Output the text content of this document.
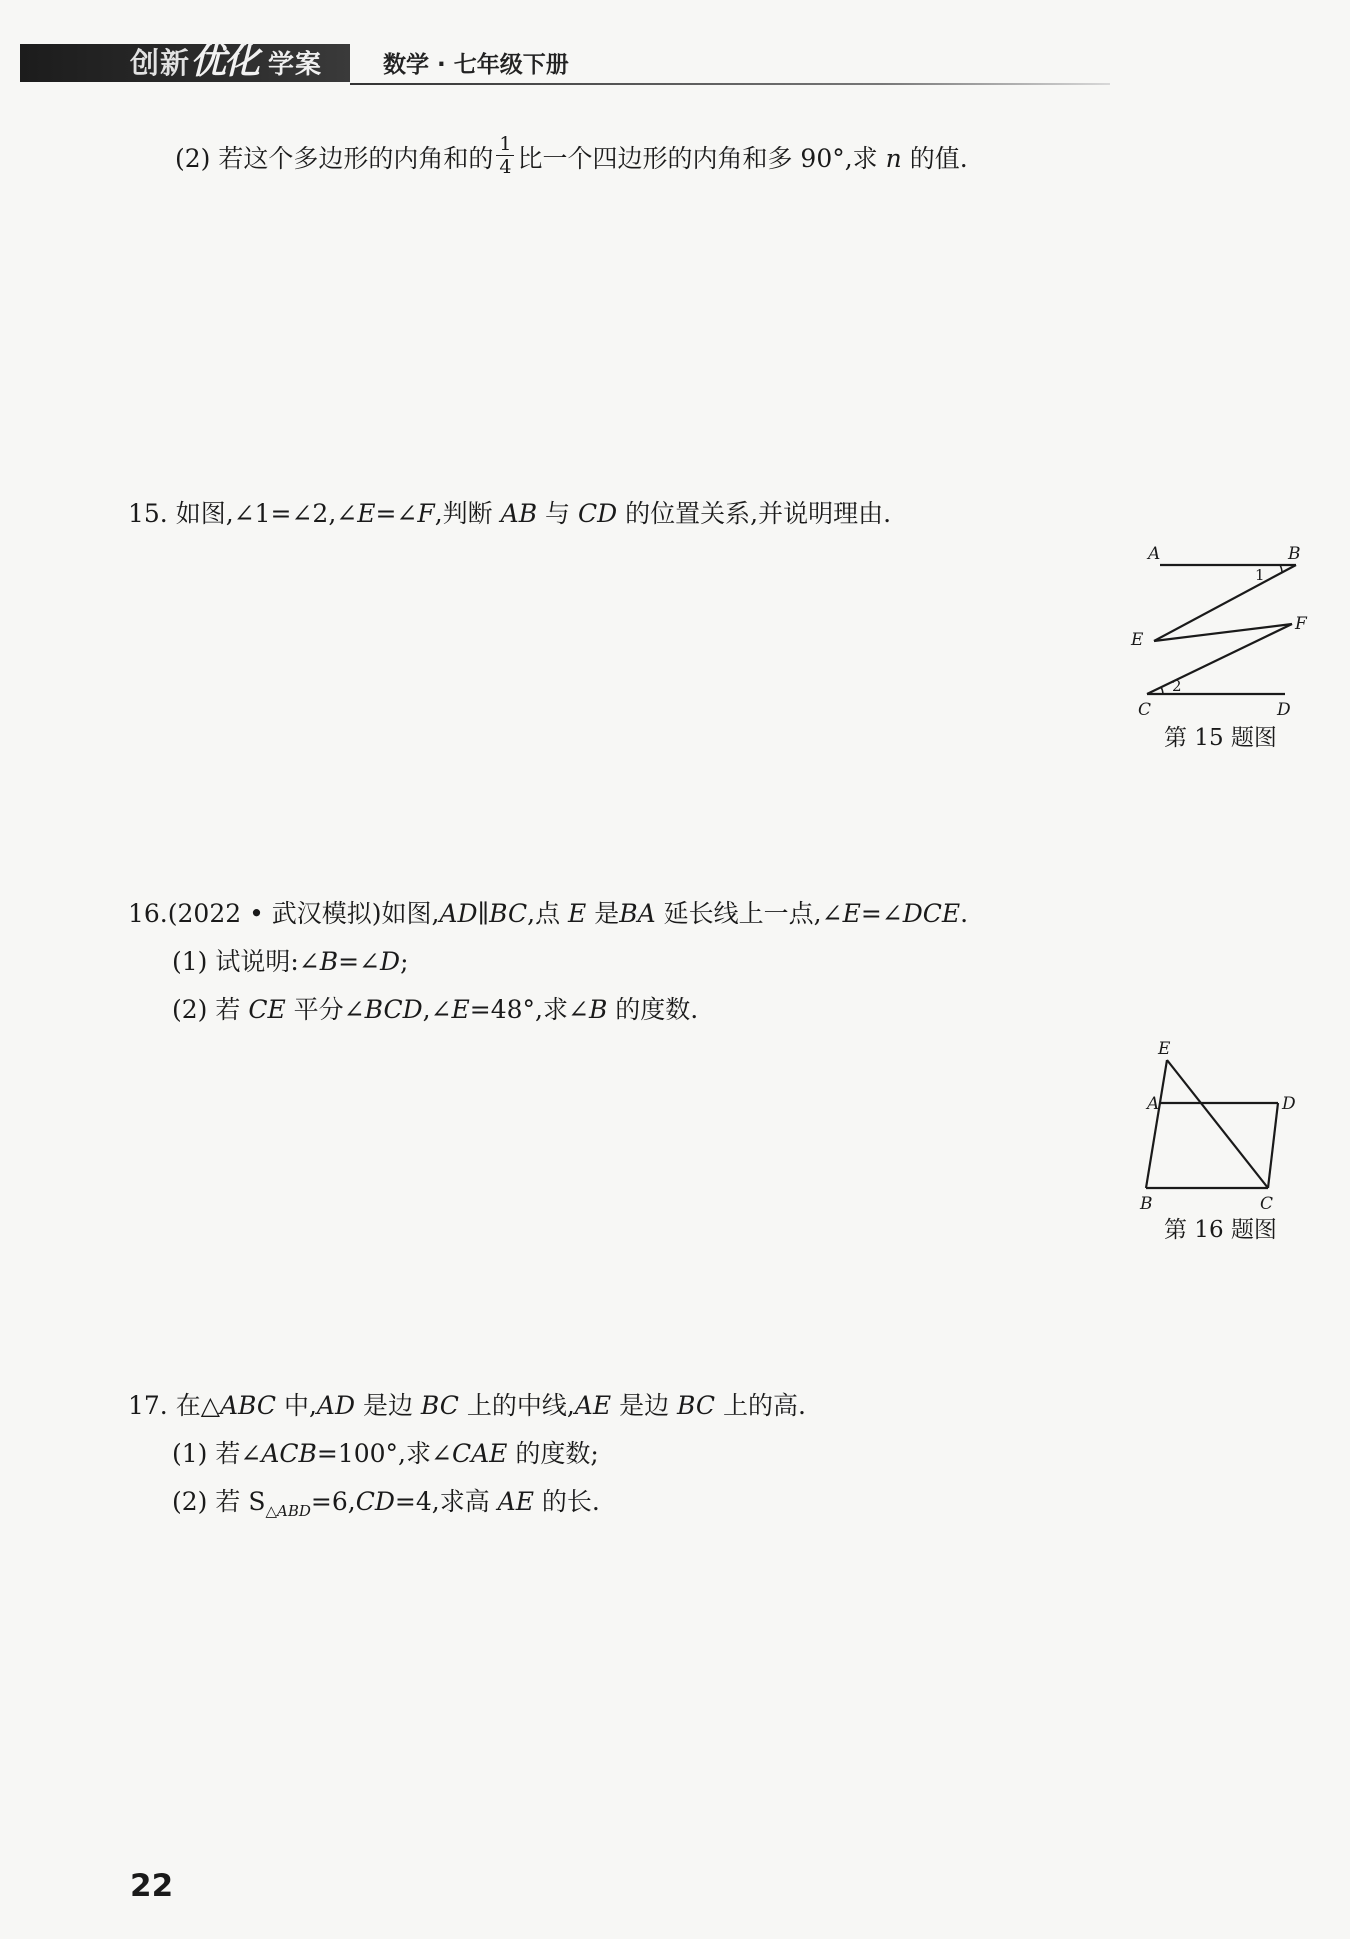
创新优化 学案	数学 · 七年级下册
(2) 若这个多边形的内角和的 $\frac{1}{4}$ 比一个四边形的内角和多 90°,求 n 的值.
15. 如图,∠1=∠2,∠E=∠F,判断 AB 与 CD 的位置关系,并说明理由.
A	B
E
F
C	D
1
2
第 15 题图
16.(2022 • 武汉模拟)如图,AD∥BC,点 E 是BA 延长线上一点,∠E=∠DCE.
(1) 试说明:∠B=∠D;
(2) 若 CE 平分∠BCD,∠E=48°,求∠B 的度数.
E
A	D
B	C
第 16 题图
17. 在△ABC 中,AD 是边 BC 上的中线,AE 是边 BC 上的高.
(1) 若∠ACB=100°,求∠CAE 的度数;
(2) 若 $S_{\triangle ABD}=6,CD=4$,求高 AE 的长.
22
